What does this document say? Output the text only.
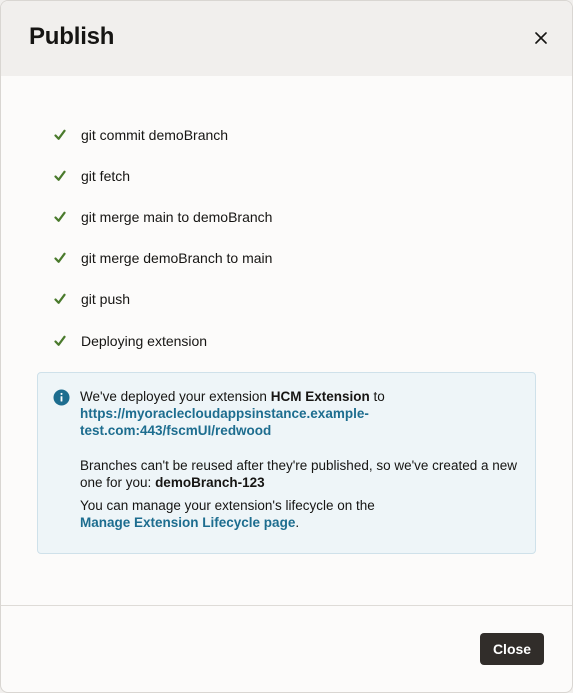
Publish
git commit demoBranch
git fetch
git merge main to demoBranch
git merge demoBranch to main
git push
Deploying extension

We've deployed your extension HCM Extension to
https://myoraclecloudappsinstance.example-test.com:443/fscmUI/redwood

Branches can't be reused after they're published, so we've created a new one for you: demoBranch-123

You can manage your extension's lifecycle on the
Manage Extension Lifecycle page.

Close
